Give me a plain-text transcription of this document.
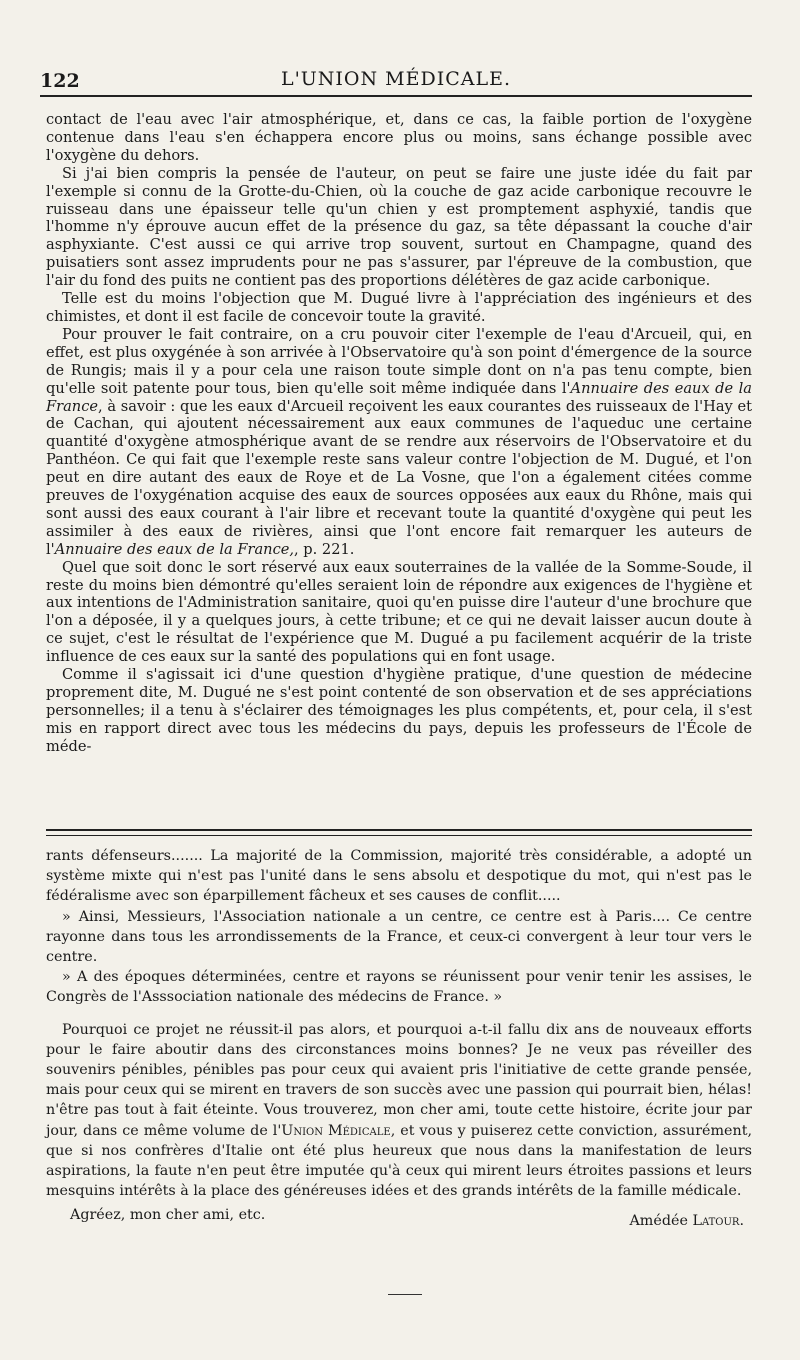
122	L'UNION MÉDICALE.

contact de l'eau avec l'air atmosphérique, et, dans ce cas, la faible portion de l'oxygène contenue dans l'eau s'en échappera encore plus ou moins, sans échange possible avec l'oxygène du dehors.

Si j'ai bien compris la pensée de l'auteur, on peut se faire une juste idée du fait par l'exemple si connu de la Grotte-du-Chien, où la couche de gaz acide carbonique recouvre le ruisseau dans une épaisseur telle qu'un chien y est promptement asphyxié, tandis que l'homme n'y éprouve aucun effet de la présence du gaz, sa tête dépassant la couche d'air asphyxiante. C'est aussi ce qui arrive trop souvent, surtout en Champagne, quand des puisatiers sont assez imprudents pour ne pas s'assurer, par l'épreuve de la combustion, que l'air du fond des puits ne contient pas des proportions délétères de gaz acide carbonique.

Telle est du moins l'objection que M. Dugué livre à l'appréciation des ingénieurs et des chimistes, et dont il est facile de concevoir toute la gravité.

Pour prouver le fait contraire, on a cru pouvoir citer l'exemple de l'eau d'Arcueil, qui, en effet, est plus oxygénée à son arrivée à l'Observatoire qu'à son point d'émergence de la source de Rungis; mais il y a pour cela une raison toute simple dont on n'a pas tenu compte, bien qu'elle soit patente pour tous, bien qu'elle soit même indiquée dans l'Annuaire des eaux de la France, à savoir : que les eaux d'Arcueil reçoivent les eaux courantes des ruisseaux de l'Hay et de Cachan, qui ajoutent nécessairement aux eaux communes de l'aqueduc une certaine quantité d'oxygène atmosphérique avant de se rendre aux réservoirs de l'Observatoire et du Panthéon. Ce qui fait que l'exemple reste sans valeur contre l'objection de M. Dugué, et l'on peut en dire autant des eaux de Roye et de La Vosne, que l'on a également citées comme preuves de l'oxygénation acquise des eaux de sources opposées aux eaux du Rhône, mais qui sont aussi des eaux courant à l'air libre et recevant toute la quantité d'oxygène qui peut les assimiler à des eaux de rivières, ainsi que l'ont encore fait remarquer les auteurs de l'Annuaire des eaux de la France,, p. 221.

Quel que soit donc le sort réservé aux eaux souterraines de la vallée de la Somme-Soude, il reste du moins bien démontré qu'elles seraient loin de répondre aux exigences de l'hygiène et aux intentions de l'Administration sanitaire, quoi qu'en puisse dire l'auteur d'une brochure que l'on a déposée, il y a quelques jours, à cette tribune; et ce qui ne devait laisser aucun doute à ce sujet, c'est le résultat de l'expérience que M. Dugué a pu facilement acquérir de la triste influence de ces eaux sur la santé des populations qui en font usage.

Comme il s'agissait ici d'une question d'hygiène pratique, d'une question de médecine proprement dite, M. Dugué ne s'est point contenté de son observation et de ses appréciations personnelles; il a tenu à s'éclairer des témoignages les plus compétents, et, pour cela, il s'est mis en rapport direct avec tous les médecins du pays, depuis les professeurs de l'École de méde-

rants défenseurs....... La majorité de la Commission, majorité très considérable, a adopté un système mixte qui n'est pas l'unité dans le sens absolu et despotique du mot, qui n'est pas le fédéralisme avec son éparpillement fâcheux et ses causes de conflit.....

» Ainsi, Messieurs, l'Association nationale a un centre, ce centre est à Paris.... Ce centre rayonne dans tous les arrondissements de la France, et ceux-ci convergent à leur tour vers le centre.

» A des époques déterminées, centre et rayons se réunissent pour venir tenir les assises, le Congrès de l'Asssociation nationale des médecins de France. »

Pourquoi ce projet ne réussit-il pas alors, et pourquoi a-t-il fallu dix ans de nouveaux efforts pour le faire aboutir dans des circonstances moins bonnes? Je ne veux pas réveiller des souvenirs pénibles, pénibles pas pour ceux qui avaient pris l'initiative de cette grande pensée, mais pour ceux qui se mirent en travers de son succès avec une passion qui pourrait bien, hélas! n'être pas tout à fait éteinte. Vous trouverez, mon cher ami, toute cette histoire, écrite jour par jour, dans ce même volume de l'Union Médicale, et vous y puiserez cette conviction, assurément, que si nos confrères d'Italie ont été plus heureux que nous dans la manifestation de leurs aspirations, la faute n'en peut être imputée qu'à ceux qui mirent leurs étroites passions et leurs mesquins intérêts à la place des généreuses idées et des grands intérêts de la famille médicale.

Agréez, mon cher ami, etc.	Amédée Latour.
